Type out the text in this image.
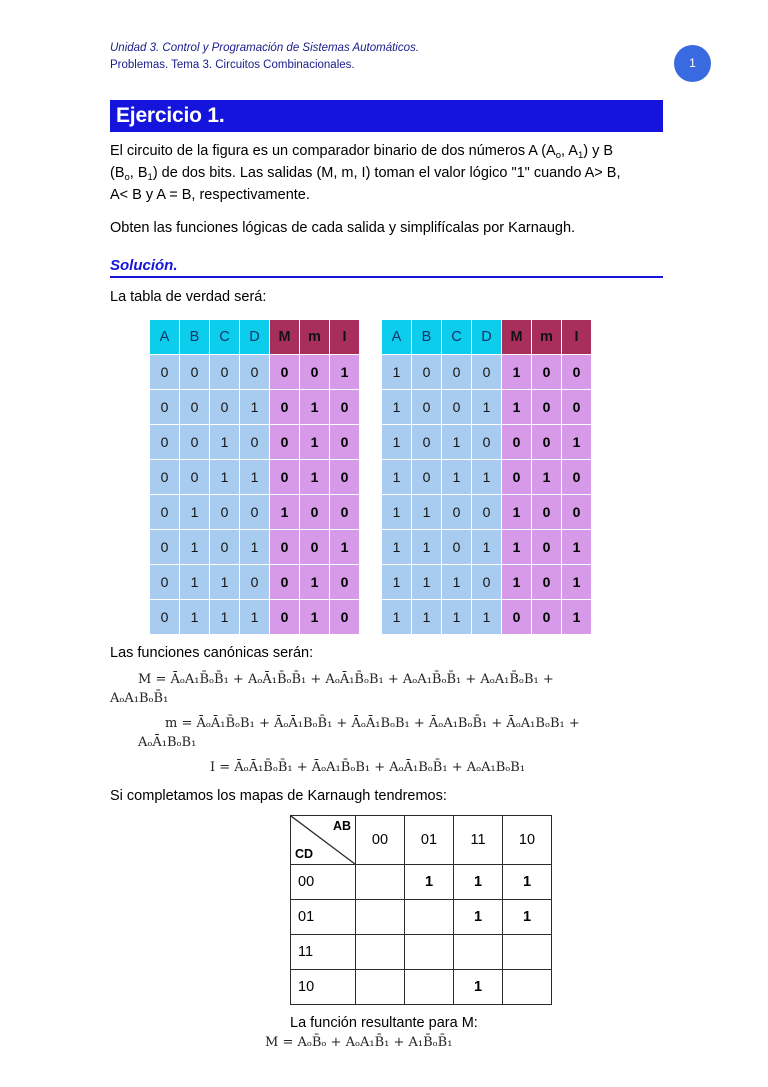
Unidad 3. Control y Programación de Sistemas Automáticos.
Problemas. Tema 3. Circuitos Combinacionales.	1
Ejercicio 1.

El circuito de la figura es un comparador binario de dos números A ($A_o$, $A_1$) y B
($B_o$, $B_1$) de dos bits. Las salidas (M, m, I) toman el valor lógico "1" cuando A> B,
A< B y A = B, respectivamente.

Obten las funciones lógicas de cada salida y simplifícalas por Karnaugh.

Solución.

La tabla de verdad será:

A	B	C	D	M	m	I
0	0	0	0	0	0	1
0	0	0	1	0	1	0
0	0	1	0	0	1	0
0	0	1	1	0	1	0
0	1	0	0	1	0	0
0	1	0	1	0	0	1
0	1	1	0	0	1	0
0	1	1	1	0	1	0
A	B	C	D	M	m	I
1	0	0	0	1	0	0
1	0	0	1	1	0	0
1	0	1	0	0	0	1
1	0	1	1	0	1	0
1	1	0	0	1	0	0
1	1	0	1	1	0	1
1	1	1	0	1	0	1
1	1	1	1	0	0	1

Las funciones canónicas serán:

M = ĀₒA₁B̄ₒB̄₁ + AₒĀ₁B̄ₒB̄₁ + AₒĀ₁B̄ₒB₁ + AₒA₁B̄ₒB̄₁ + AₒA₁B̄ₒB₁ +
AₒA₁BₒB̄₁
m = ĀₒĀ₁B̄ₒB₁ + ĀₒĀ₁BₒB̄₁ + ĀₒĀ₁BₒB₁ + ĀₒA₁BₒB̄₁ + ĀₒA₁BₒB₁ +
AₒĀ₁BₒB₁
I = ĀₒĀ₁B̄ₒB̄₁ + ĀₒA₁B̄ₒB₁ + AₒĀ₁BₒB̄₁ + AₒA₁BₒB₁

Si completamos los mapas de Karnaugh tendremos:

AB
CD	00	01	11	10
00		1	1	1
01			1	1
11				
10			1	
La función resultante para M:
M = AₒB̄ₒ + AₒA₁B̄₁ + A₁B̄ₒB̄₁
